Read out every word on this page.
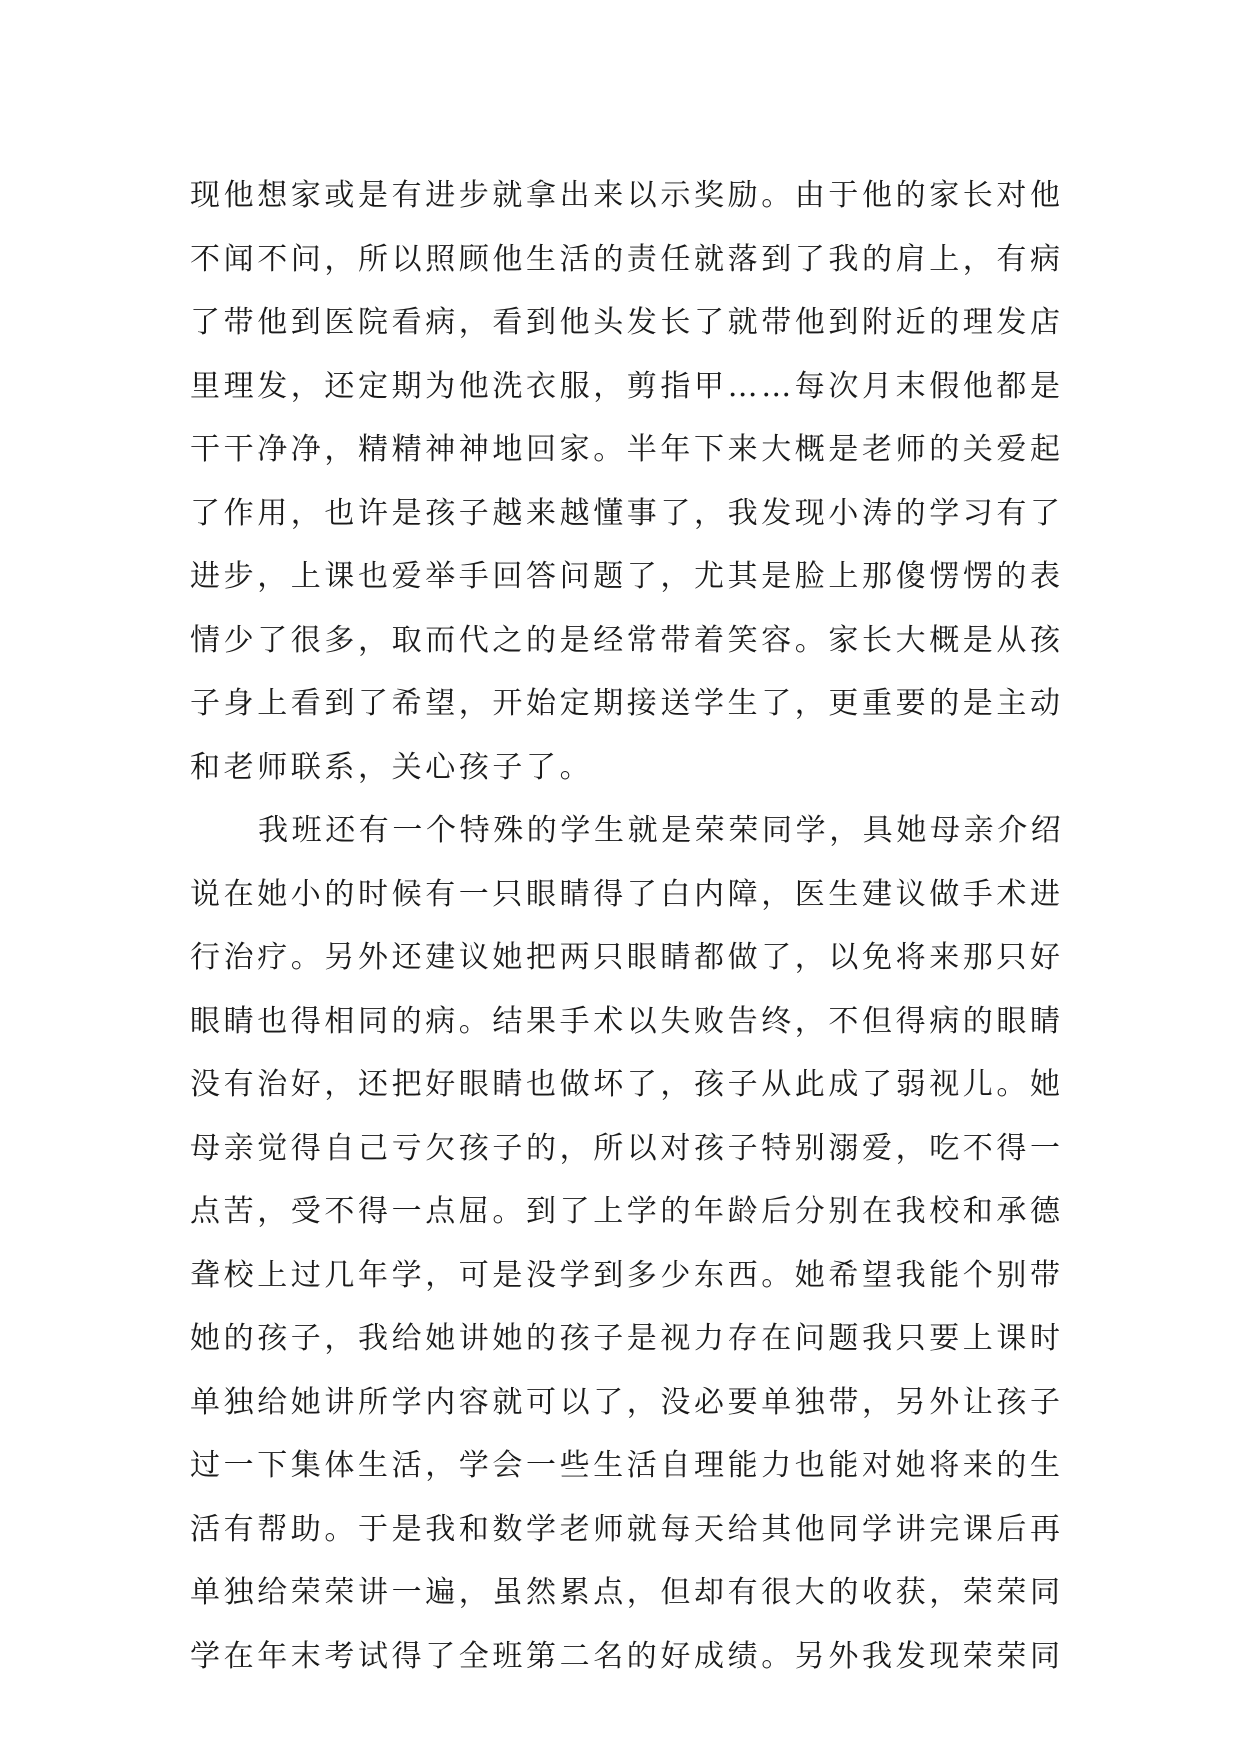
现他想家或是有进步就拿出来以示奖励。由于他的家长对他
不闻不问，所以照顾他生活的责任就落到了我的肩上，有病
了带他到医院看病，看到他头发长了就带他到附近的理发店
里理发，还定期为他洗衣服，剪指甲……每次月末假他都是
干干净净，精精神神地回家。半年下来大概是老师的关爱起
了作用，也许是孩子越来越懂事了，我发现小涛的学习有了
进步，上课也爱举手回答问题了，尤其是脸上那傻愣愣的表
情少了很多，取而代之的是经常带着笑容。家长大概是从孩
子身上看到了希望，开始定期接送学生了，更重要的是主动
和老师联系，关心孩子了。
我班还有一个特殊的学生就是荣荣同学，具她母亲介绍
说在她小的时候有一只眼睛得了白内障，医生建议做手术进
行治疗。另外还建议她把两只眼睛都做了，以免将来那只好
眼睛也得相同的病。结果手术以失败告终，不但得病的眼睛
没有治好，还把好眼睛也做坏了，孩子从此成了弱视儿。她
母亲觉得自己亏欠孩子的，所以对孩子特别溺爱，吃不得一
点苦，受不得一点屈。到了上学的年龄后分别在我校和承德
聋校上过几年学，可是没学到多少东西。她希望我能个别带
她的孩子，我给她讲她的孩子是视力存在问题我只要上课时
单独给她讲所学内容就可以了，没必要单独带，另外让孩子
过一下集体生活，学会一些生活自理能力也能对她将来的生
活有帮助。于是我和数学老师就每天给其他同学讲完课后再
单独给荣荣讲一遍，虽然累点，但却有很大的收获，荣荣同
学在年末考试得了全班第二名的好成绩。另外我发现荣荣同
